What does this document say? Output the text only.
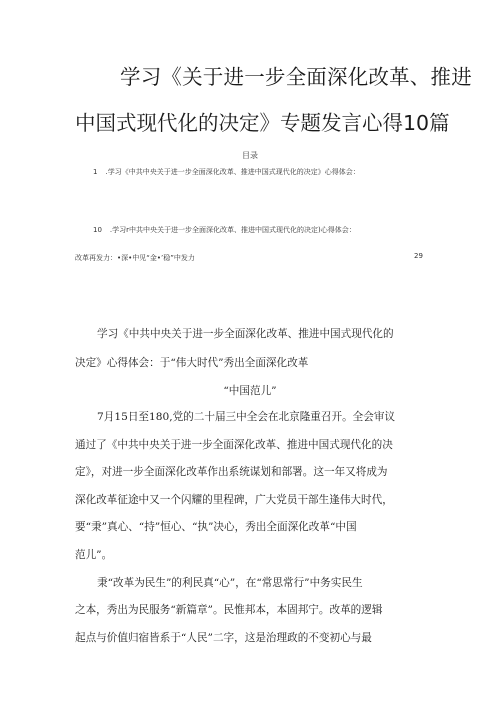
学习《关于进一步全面深化改革、推进
中国式现代化的决定》专题发言心得10篇
目录
1 .学习《中共中央关于进一步全面深化改革、推进中国式现代化的决定》心得体会：
10 .学习r中共中央关于进一步全面深化改革、推进中国式现代化的决定)心得体会：
改革再发力：•深•中见“金•’稳”中发力	29
学习《中共中央关于进一步全面深化改革、推进中国式现代化的
决定》心得体会：于“伟大时代”秀出全面深化改革
“中国范儿”
7月15日至180,党的二十届三中全会在北京隆重召开。全会审议
通过了《中共中央关于进一步全面深化改革、推进中国式现代化的决
定》，对进一步全面深化改革作出系统谋划和部署。这一年又将成为
深化改革征途中又一个闪耀的里程碑，广大党员干部生逢伟大时代，
要“秉”真心、“持”恒心、“执”决心，秀出全面深化改革“中国
范儿”。
秉“改革为民生”的利民真“心”，在“常思常行”中务实民生
之本，秀出为民服务“新篇章”。民惟邦本，本固邦宁。改革的逻辑
起点与价值归宿皆系于“人民”二字，这是治理政的不变初心与最
